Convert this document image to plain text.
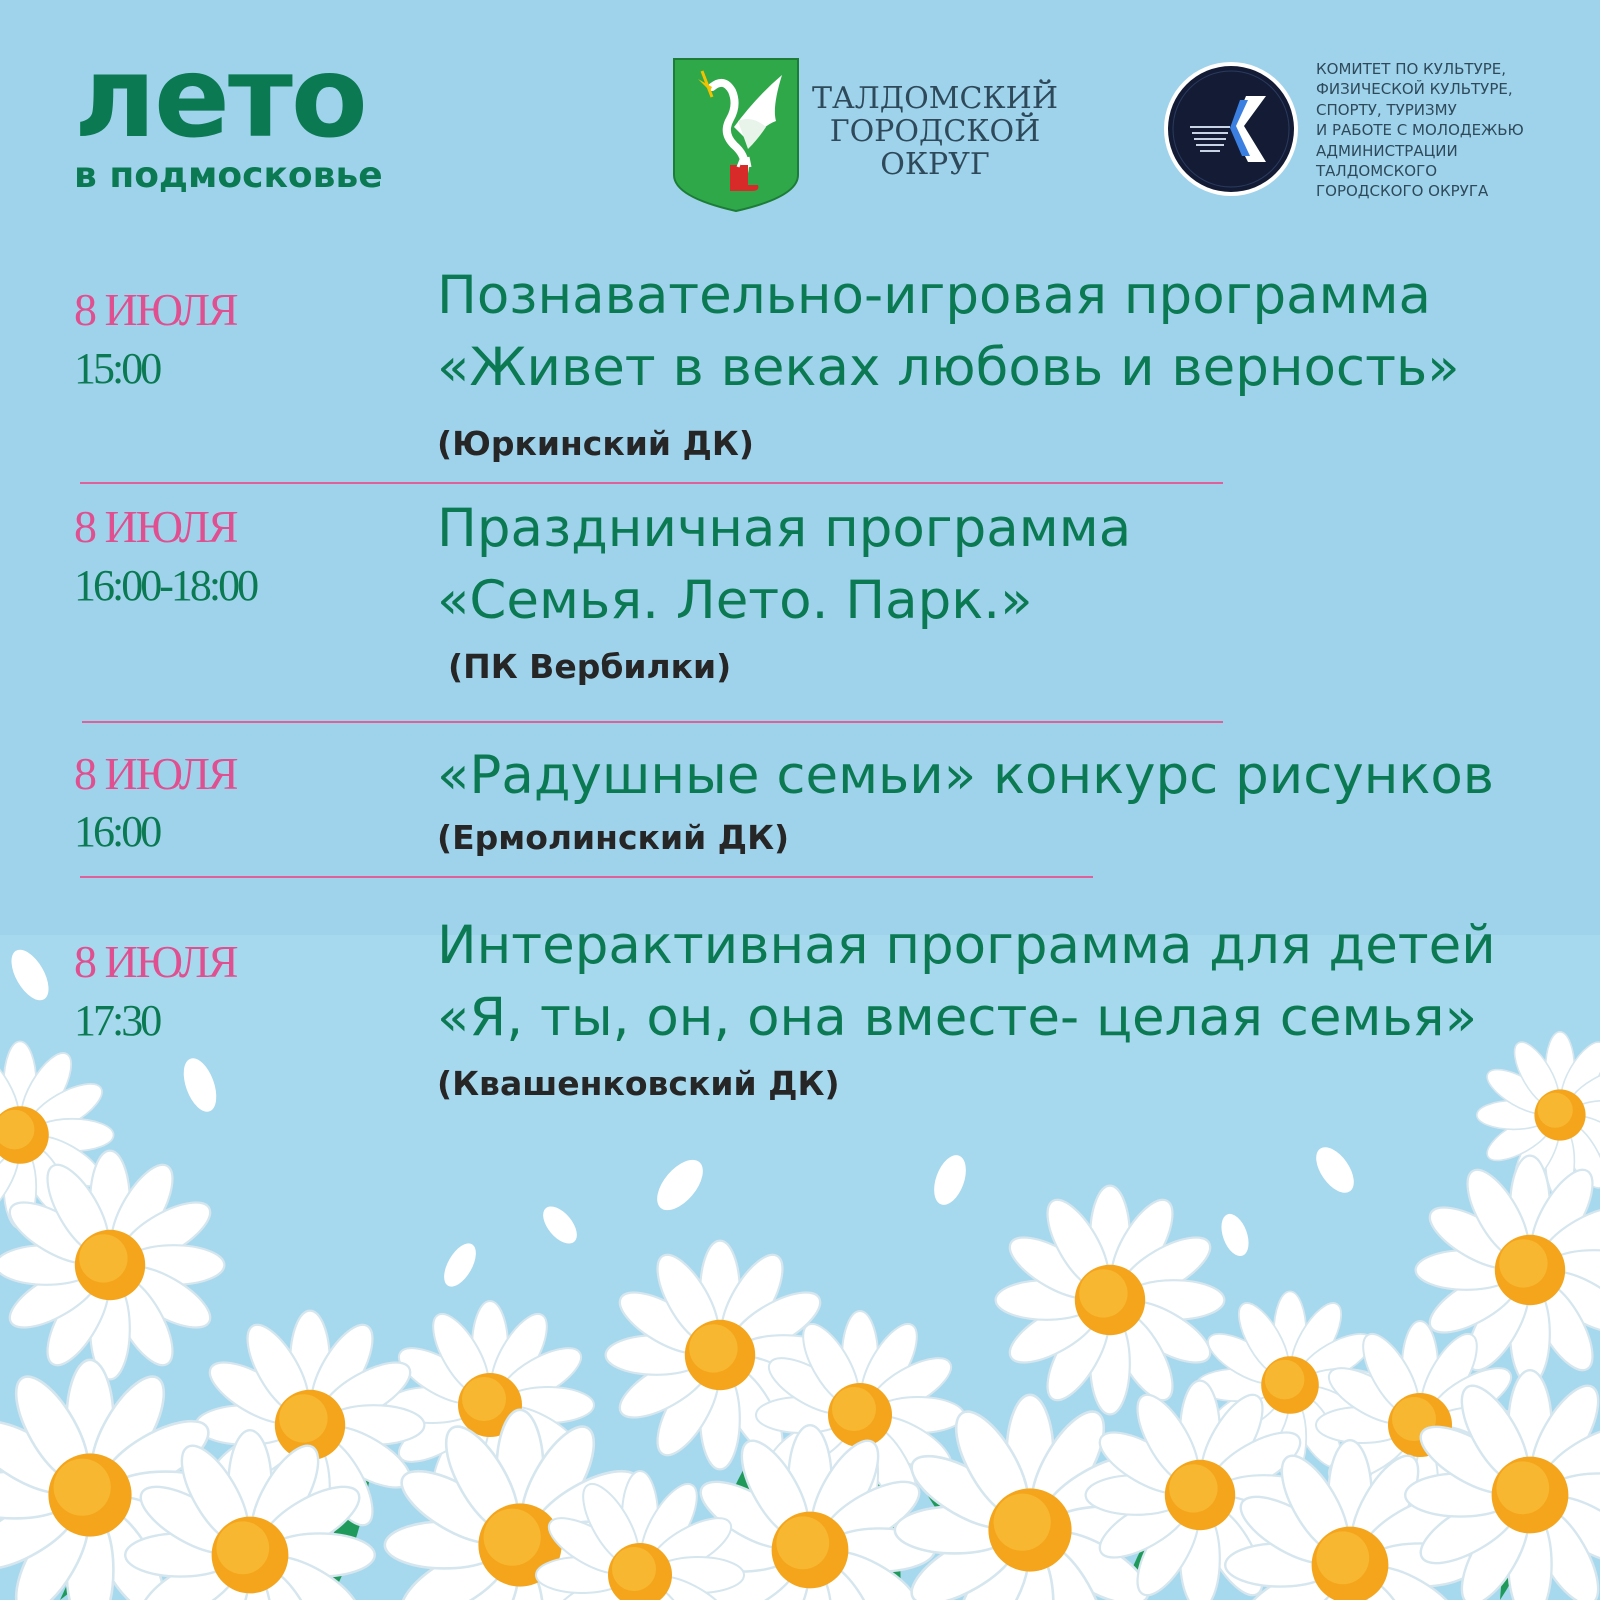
лето
в подмосковье
ТАЛДОМСКИЙ
ГОРОДСКОЙ
ОКРУГ
КОМИТЕТ ПО КУЛЬТУРЕ,
ФИЗИЧЕСКОЙ КУЛЬТУРЕ,
СПОРТУ, ТУРИЗМУ
И РАБОТЕ С МОЛОДЕЖЬЮ
АДМИНИСТРАЦИИ
ТАЛДОМСКОГО
ГОРОДСКОГО ОКРУГА
8 ИЮЛЯ
15:00
Познавательно-игровая программа
«Живет в веках любовь и верность»
(Юркинский ДК)
8 ИЮЛЯ
16:00-18:00
Праздничная программа
«Семья. Лето. Парк.»
(ПК Вербилки)
8 ИЮЛЯ
16:00
«Радушные семьи» конкурс рисунков
(Ермолинский ДК)
8 ИЮЛЯ
17:30
Интерактивная программа для детей
«Я, ты, он, она вместе- целая семья»
(Квашенковский ДК)
